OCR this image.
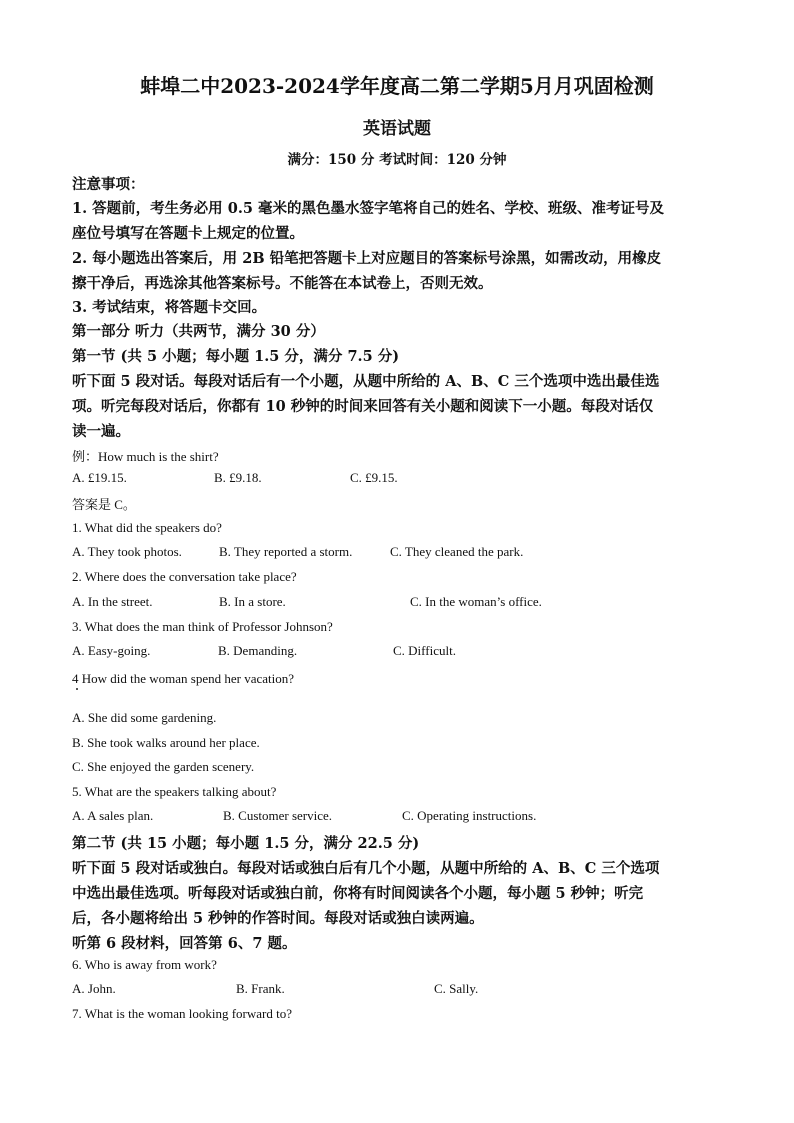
蚌埠二中2023-2024学年度高二第二学期5月月巩固检测
英语试题
满分：150 分 考试时间：120 分钟
注意事项：
1. 答题前，考生务必用 0.5 毫米的黑色墨水签字笔将自己的姓名、学校、班级、准考证号及
座位号填写在答题卡上规定的位置。
2. 每小题选出答案后，用 2B 铅笔把答题卡上对应题目的答案标号涂黑，如需改动，用橡皮
擦干净后，再选涂其他答案标号。不能答在本试卷上，否则无效。
3. 考试结束，将答题卡交回。
第一部分 听力（共两节，满分 30 分）
第一节 (共 5 小题；每小题 1.5 分，满分 7.5 分)
听下面 5 段对话。每段对话后有一个小题，从题中所给的 A、B、C 三个选项中选出最佳选
项。听完每段对话后，你都有 10 秒钟的时间来回答有关小题和阅读下一小题。每段对话仅
读一遍。
例：How much is the shirt?
A. £19.15.	B. £9.18.	C. £9.15.
答案是 C。
1. What did the speakers do?
A. They took photos.	B. They reported a storm.	C. They cleaned the park.
2. Where does the conversation take place?
A. In the street.	B. In a store.	C. In the woman’s office.
3. What does the man think of Professor Johnson?
A. Easy-going.	B. Demanding.	C. Difficult.
4 How did the woman spend her vacation?
A. She did some gardening.
B. She took walks around her place.
C. She enjoyed the garden scenery.
5. What are the speakers talking about?
A. A sales plan.	B. Customer service.	C. Operating instructions.
第二节 (共 15 小题；每小题 1.5 分，满分 22.5 分)
听下面 5 段对话或独白。每段对话或独白后有几个小题，从题中所给的 A、B、C 三个选项
中选出最佳选项。听每段对话或独白前，你将有时间阅读各个小题，每小题 5 秒钟；听完
后，各小题将给出 5 秒钟的作答时间。每段对话或独白读两遍。
听第 6 段材料，回答第 6、7 题。
6. Who is away from work?
A. John.	B. Frank.	C. Sally.
7. What is the woman looking forward to?
